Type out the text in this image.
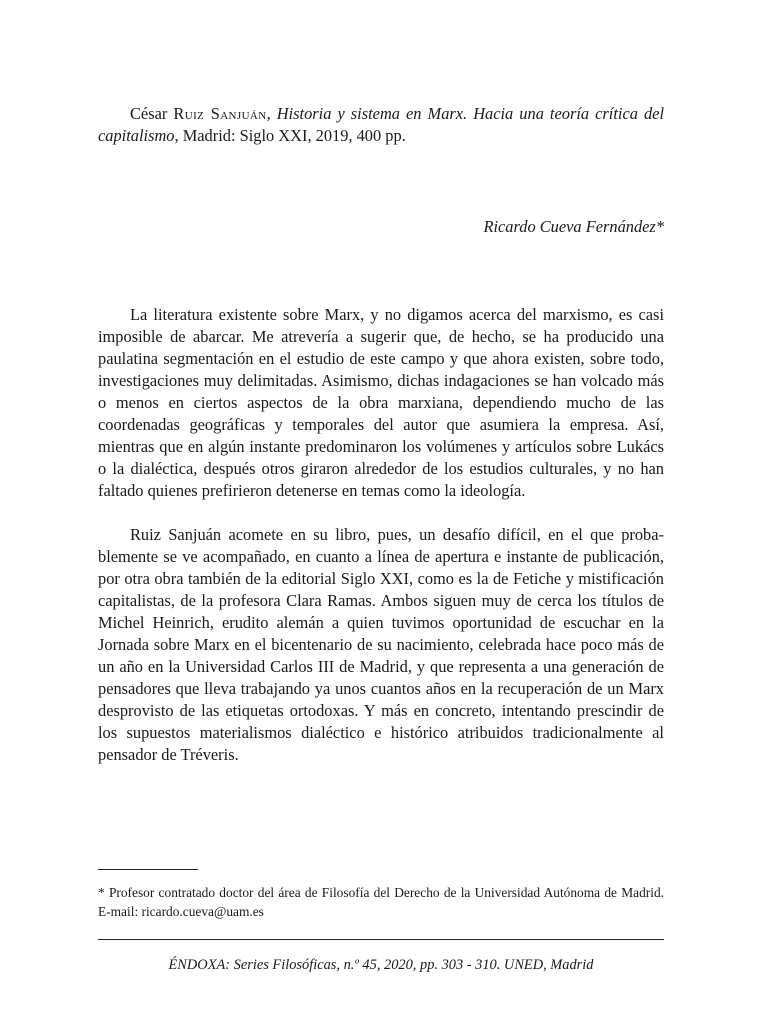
César Ruiz Sanjuán, Historia y sistema en Marx. Hacia una teoría crítica del capitalismo, Madrid: Siglo XXI, 2019, 400 pp.
Ricardo Cueva Fernández*

La literatura existente sobre Marx, y no digamos acerca del marxismo, es casi imposible de abarcar. Me atrevería a sugerir que, de hecho, se ha producido una paulatina segmentación en el estudio de este campo y que ahora existen, sobre todo, investigaciones muy delimitadas. Asimismo, dichas indagaciones se han volcado más o menos en ciertos aspectos de la obra marxiana, dependiendo mucho de las coordenadas geográficas y temporales del autor que asumiera la empresa. Así, mientras que en algún instante predominaron los volúmenes y artículos sobre Lukács o la dialéctica, después otros giraron alrededor de los estudios culturales, y no han faltado quienes prefirieron detenerse en temas como la ideología.

Ruiz Sanjuán acomete en su libro, pues, un desafío difícil, en el que probablemente se ve acompañado, en cuanto a línea de apertura e instante de publicación, por otra obra también de la editorial Siglo XXI, como es la de Fetiche y mistificación capitalistas, de la profesora Clara Ramas. Ambos siguen muy de cerca los títulos de Michel Heinrich, erudito alemán a quien tuvimos oportunidad de escuchar en la Jornada sobre Marx en el bicentenario de su nacimiento, celebrada hace poco más de un año en la Universidad Carlos III de Madrid, y que representa a una generación de pensadores que lleva trabajando ya unos cuantos años en la recuperación de un Marx desprovisto de las etiquetas ortodoxas. Y más en concreto, intentando prescindir de los supuestos materialismos dialéctico e histórico atribuidos tradicionalmente al pensador de Tréveris.

* Profesor contratado doctor del área de Filosofía del Derecho de la Universidad Autónoma de Madrid. E-mail: ricardo.cueva@uam.es
ÉNDOXA: Series Filosóficas, n.º 45, 2020, pp. 303 - 310. UNED, Madrid
